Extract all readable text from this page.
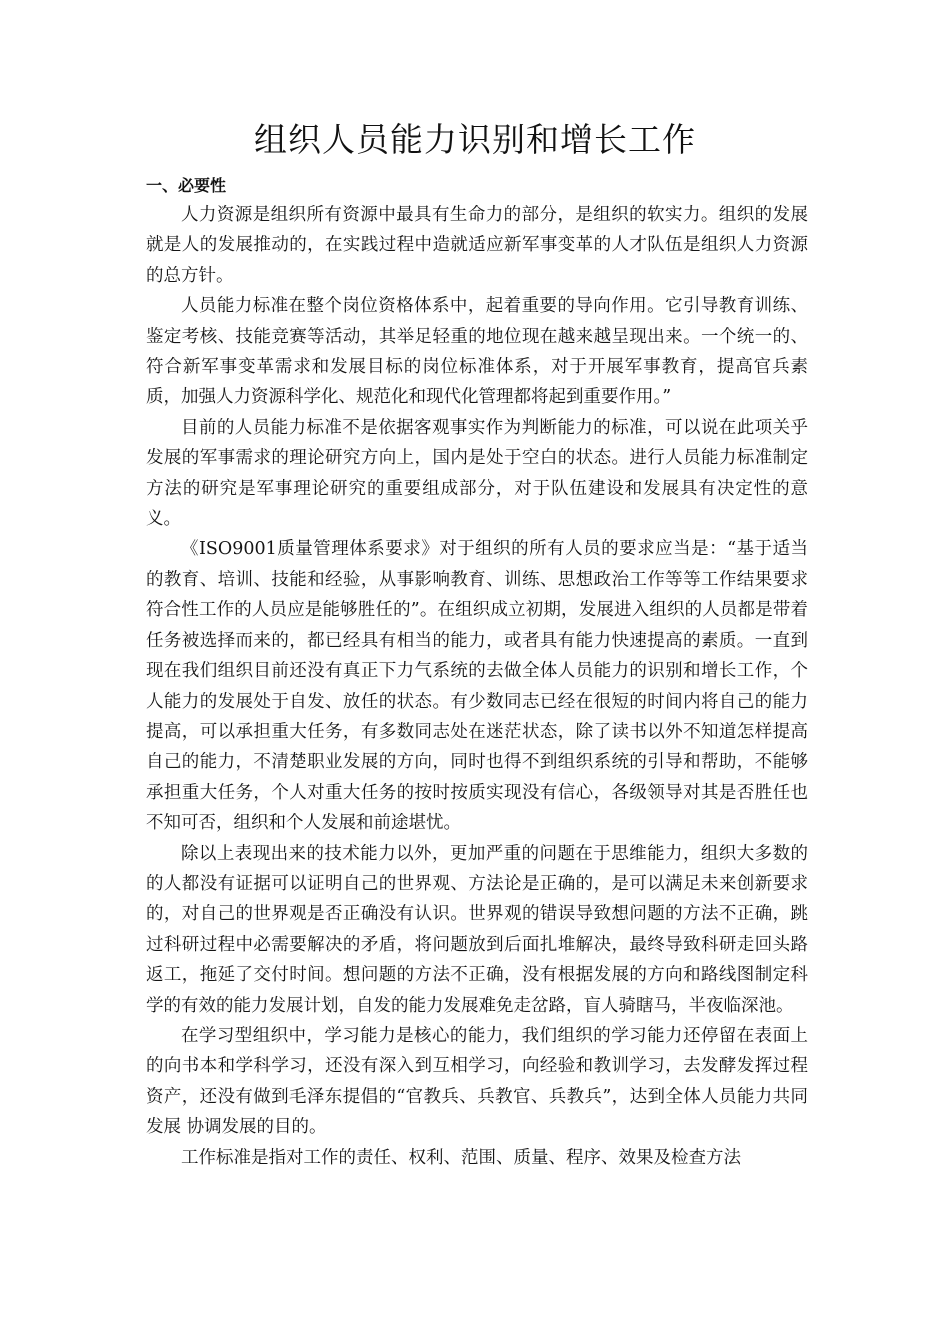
组织人员能力识别和增长工作
一、必要性

人力资源是组织所有资源中最具有生命力的部分，是组织的软实力。组织的发展就是人的发展推动的，在实践过程中造就适应新军事变革的人才队伍是组织人力资源的总方针。

人员能力标准在整个岗位资格体系中，起着重要的导向作用。它引导教育训练、鉴定考核、技能竞赛等活动，其举足轻重的地位现在越来越呈现出来。一个统一的、符合新军事变革需求和发展目标的岗位标准体系，对于开展军事教育，提高官兵素质，加强人力资源科学化、规范化和现代化管理都将起到重要作用。”

目前的人员能力标准不是依据客观事实作为判断能力的标准，可以说在此项关乎发展的军事需求的理论研究方向上，国内是处于空白的状态。进行人员能力标准制定方法的研究是军事理论研究的重要组成部分，对于队伍建设和发展具有决定性的意义。

《ISO9001质量管理体系要求》对于组织的所有人员的要求应当是：“基于适当的教育、培训、技能和经验，从事影响教育、训练、思想政治工作等等工作结果要求符合性工作的人员应是能够胜任的”。在组织成立初期，发展进入组织的人员都是带着任务被选择而来的，都已经具有相当的能力，或者具有能力快速提高的素质。一直到现在我们组织目前还没有真正下力气系统的去做全体人员能力的识别和增长工作，个人能力的发展处于自发、放任的状态。有少数同志已经在很短的时间内将自己的能力提高，可以承担重大任务，有多数同志处在迷茫状态，除了读书以外不知道怎样提高自己的能力，不清楚职业发展的方向，同时也得不到组织系统的引导和帮助，不能够承担重大任务，个人对重大任务的按时按质实现没有信心，各级领导对其是否胜任也不知可否，组织和个人发展和前途堪忧。

除以上表现出来的技术能力以外，更加严重的问题在于思维能力，组织大多数的的人都没有证据可以证明自己的世界观、方法论是正确的，是可以满足未来创新要求的，对自己的世界观是否正确没有认识。世界观的错误导致想问题的方法不正确，跳过科研过程中必需要解决的矛盾，将问题放到后面扎堆解决，最终导致科研走回头路返工，拖延了交付时间。想问题的方法不正确，没有根据发展的方向和路线图制定科学的有效的能力发展计划，自发的能力发展难免走岔路，盲人骑瞎马，半夜临深池。

在学习型组织中，学习能力是核心的能力，我们组织的学习能力还停留在表面上的向书本和学科学习，还没有深入到互相学习，向经验和教训学习，去发酵发挥过程资产，还没有做到毛泽东提倡的“官教兵、兵教官、兵教兵”，达到全体人员能力共同发展 协调发展的目的。

工作标准是指对工作的责任、权利、范围、质量、程序、效果及检查方法
